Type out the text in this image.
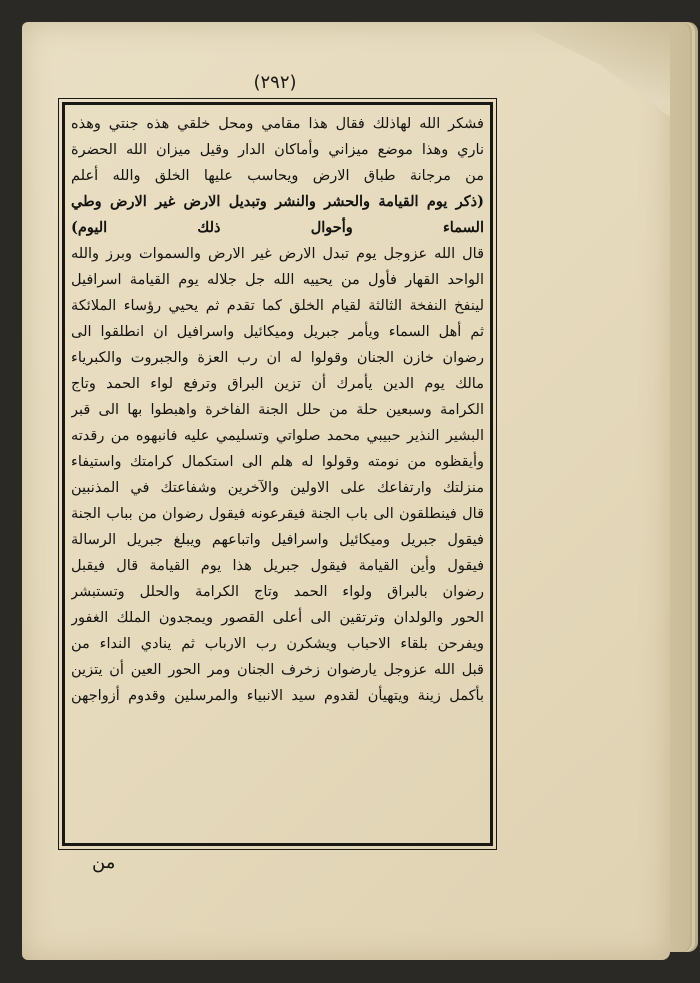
(٢٩٢)
فشكر الله لهاذلك فقال هذا مقامي ومحل خلقي هذه جنتي وهذه
ناري وهذا موضع ميزاني وأماكان الدار وقيل ميزان الله الحضرة
من مرجانة طباق الارض ويحاسب عليها الخلق والله أعلم
(ذكر يوم القيامة والحشر والنشر وتبديل الارض غير الارض وطي
السماء وأحوال ذلك اليوم)
قال الله عزوجل يوم تبدل الارض غير الارض والسموات وبرز والله
الواحد القهار فأول من يحييه الله جل جلاله يوم القيامة اسرافيل
لينفخ النفخة الثالثة لقيام الخلق كما تقدم ثم يحيي رؤساء الملائكة
ثم أهل السماء ويأمر جبريل وميكائيل واسرافيل ان انطلقوا الى
رضوان خازن الجنان وقولوا له ان رب العزة والجبروت والكبرياء
مالك يوم الدين يأمرك أن تزين البراق وترفع لواء الحمد وتاج
الكرامة وسبعين حلة من حلل الجنة الفاخرة واهبطوا بها الى قبر
البشير النذير حبيبي محمد صلواتي وتسليمي عليه فانبهوه من رقدته
وأيقظوه من نومته وقولوا له هلم الى استكمال كرامتك واستيفاء
منزلتك وارتفاعك على الاولين والآخرين وشفاعتك في المذنبين
قال فينطلقون الى باب الجنة فيقرعونه فيقول رضوان من بباب الجنة
فيقول جبريل وميكائيل واسرافيل واتباعهم ويبلغ جبريل الرسالة
فيقول وأين القيامة فيقول جبريل هذا يوم القيامة قال فيقبل
رضوان بالبراق ولواء الحمد وتاج الكرامة والحلل وتستبشر
الحور والولدان وترتقين الى أعلى القصور ويمجدون الملك الغفور
ويفرحن بلقاء الاحباب ويشكرن رب الارباب ثم ينادي النداء من
قبل الله عزوجل يارضوان زخرف الجنان ومر الحور العين أن يتزين
بأكمل زينة ويتهيأن لقدوم سيد الانبياء والمرسلين وقدوم أزواجهن
من
